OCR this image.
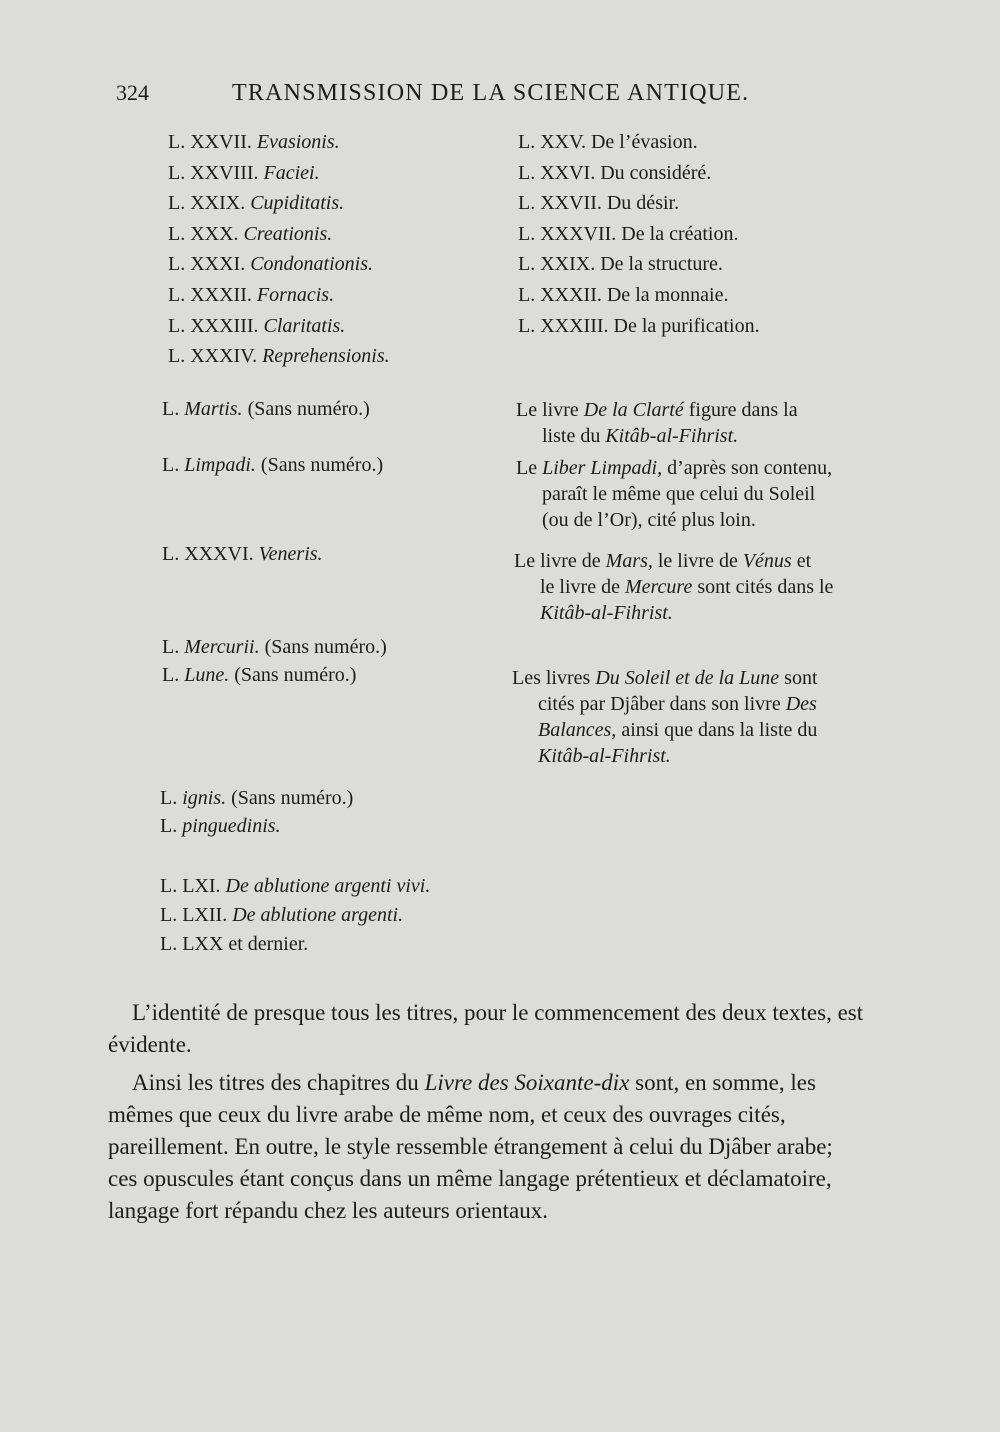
324	TRANSMISSION DE LA SCIENCE ANTIQUE.
L. XXVII. Evasionis.
L. XXVIII. Faciei.
L. XXIX. Cupiditatis.
L. XXX. Creationis.
L. XXXI. Condonationis.
L. XXXII. Fornacis.
L. XXXIII. Claritatis.
L. XXXIV. Reprehensionis.
L. XXV. De l’évasion.
L. XXVI. Du considéré.
L. XXVII. Du désir.
L. XXXVII. De la création.
L. XXIX. De la structure.
L. XXXII. De la monnaie.
L. XXXIII. De la purification.
L. Martis. (Sans numéro.)
L. Limpadi. (Sans numéro.)
L. XXXVI. Veneris.
L. Mercurii. (Sans numéro.)
L. Lune. (Sans numéro.)
L. ignis. (Sans numéro.)
L. pinguedinis.
L. LXI. De ablutione argenti vivi.
L. LXII. De ablutione argenti.
L. LXX et dernier.
Le livre De la Clarté figure dans la
liste du Kitâb-al-Fihrist.
Le Liber Limpadi, d’après son contenu,
paraît le même que celui du Soleil
(ou de l’Or), cité plus loin.
Le livre de Mars, le livre de Vénus et
le livre de Mercure sont cités dans le
Kitâb-al-Fihrist.
Les livres Du Soleil et de la Lune sont
cités par Djâber dans son livre Des
Balances, ainsi que dans la liste du
Kitâb-al-Fihrist.
L’identité de presque tous les titres, pour le commencement des deux textes, est évidente.
Ainsi les titres des chapitres du Livre des Soixante-dix sont, en somme, les mêmes que ceux du livre arabe de même nom, et ceux des ouvrages cités, pareillement. En outre, le style ressemble étrangement à celui du Djâber arabe; ces opuscules étant conçus dans un même langage prétentieux et déclamatoire, langage fort répandu chez les auteurs orientaux.
